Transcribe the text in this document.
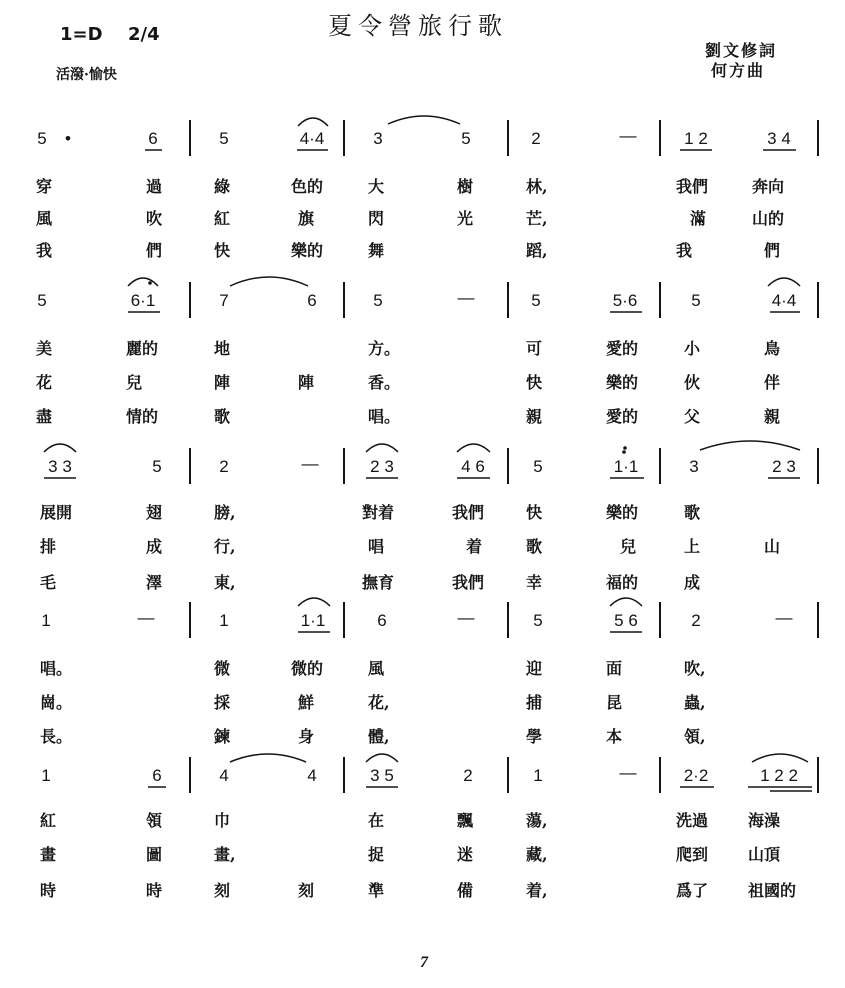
1=D 2/4	夏令營旅行歌
活潑·愉快
劉文修詞
何方曲
5 •	6	5	4·4	3	5	2	—	1 2	3 4
穿	過	綠	色的	大	樹	林,	我們	奔向
風	吹	紅	旗	閃	光	芒,	滿	山的
我	們	快	樂的	舞	蹈,	我	們
5	6·1	7	6	5	—	5	5·6	5	4·4
美	麗的	地	方。	可	愛的	小	鳥
花	兒	陣	陣	香。	快	樂的	伙	伴
盡	情的	歌	唱。	親	愛的	父	親
3 3	5	2	—	2 3	4 6	5	1·1	3	2 3
展開	翅	膀,	對着	我們	快	樂的	歌
排	成	行,	唱	着	歌	兒	上	山
毛	澤	東,	撫育	我們	幸	福的	成
1	—	1	1·1	6	—	5	5 6	2	—
唱。	微	微的	風	迎	面	吹,
崗。	採	鮮	花,	捕	昆	蟲,
長。	鍊	身	體,	學	本	領,
1	6	4	4	3 5	2	1	—	2·2	1 2 2
紅	領	巾	在	飄	蕩,	洗過 海澡
畫	圖	畫,	捉	迷	藏,	爬到 山頂
時	時	刻	刻	準	備	着,	爲了 祖國的
7
